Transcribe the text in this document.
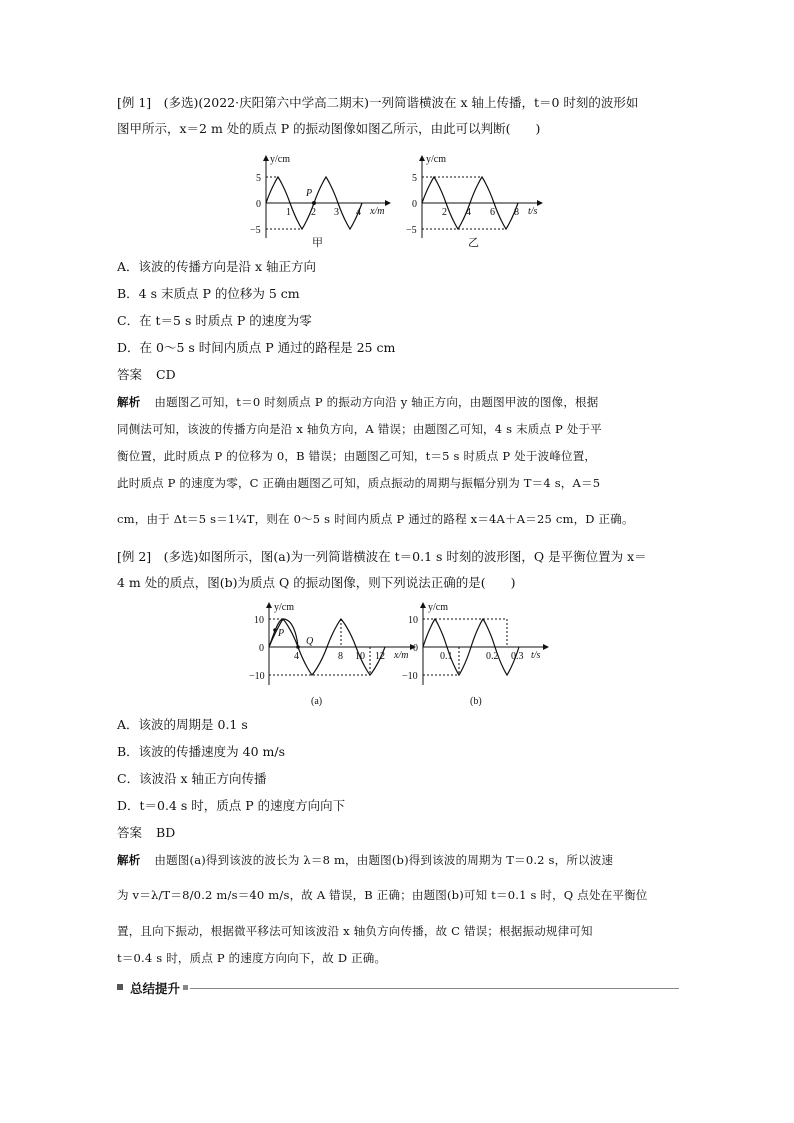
[例 1]　(多选)(2022·庆阳第六中学高二期末)一列简谐横波在 x 轴上传播，t＝0 时刻的波形如
图甲所示，x＝2 m 处的质点 P 的振动图像如图乙所示，由此可以判断(　　)
P
y/cm
x/m
5
0
−5
1 2 3 4
甲
y/cm
t/s
5
0
−5
2 4 6 8
乙
A．该波的传播方向是沿 x 轴正方向
B．4 s 末质点 P 的位移为 5 cm
C．在 t＝5 s 时质点 P 的速度为零
D．在 0～5 s 时间内质点 P 通过的路程是 25 cm
答案 CD
解析 由题图乙可知，t＝0 时刻质点 P 的振动方向沿 y 轴正方向，由题图甲波的图像，根据
同侧法可知，该波的传播方向是沿 x 轴负方向，A 错误；由题图乙可知，4 s 末质点 P 处于平
衡位置，此时质点 P 的位移为 0，B 错误；由题图乙可知，t＝5 s 时质点 P 处于波峰位置，
此时质点 P 的速度为零，C 正确由题图乙可知，质点振动的周期与振幅分别为 T＝4 s，A＝5
cm，由于 Δt＝5 s＝1¼T，则在 0～5 s 时间内质点 P 通过的路程 x＝4A＋A＝25 cm，D 正确。
[例 2]　(多选)如图所示，图(a)为一列简谐横波在 t＝0.1 s 时刻的波形图，Q 是平衡位置为 x＝
4 m 处的质点，图(b)为质点 Q 的振动图像，则下列说法正确的是(　　)
P
Q
y/cm
x/m
10
0
−10
4	8 10 12
(a)
y/cm
t/s
10
0
−10
0.1	0.2 0.3
(b)
A．该波的周期是 0.1 s
B．该波的传播速度为 40 m/s
C．该波沿 x 轴正方向传播
D．t＝0.4 s 时，质点 P 的速度方向向下
答案 BD
解析 由题图(a)得到该波的波长为 λ＝8 m，由题图(b)得到该波的周期为 T＝0.2 s，所以波速
为 v＝λ/T＝8/0.2 m/s＝40 m/s，故 A 错误，B 正确；由题图(b)可知 t＝0.1 s 时，Q 点处在平衡位
置，且向下振动，根据微平移法可知该波沿 x 轴负方向传播，故 C 错误；根据振动规律可知
t＝0.4 s 时，质点 P 的速度方向向下，故 D 正确。
总结提升
